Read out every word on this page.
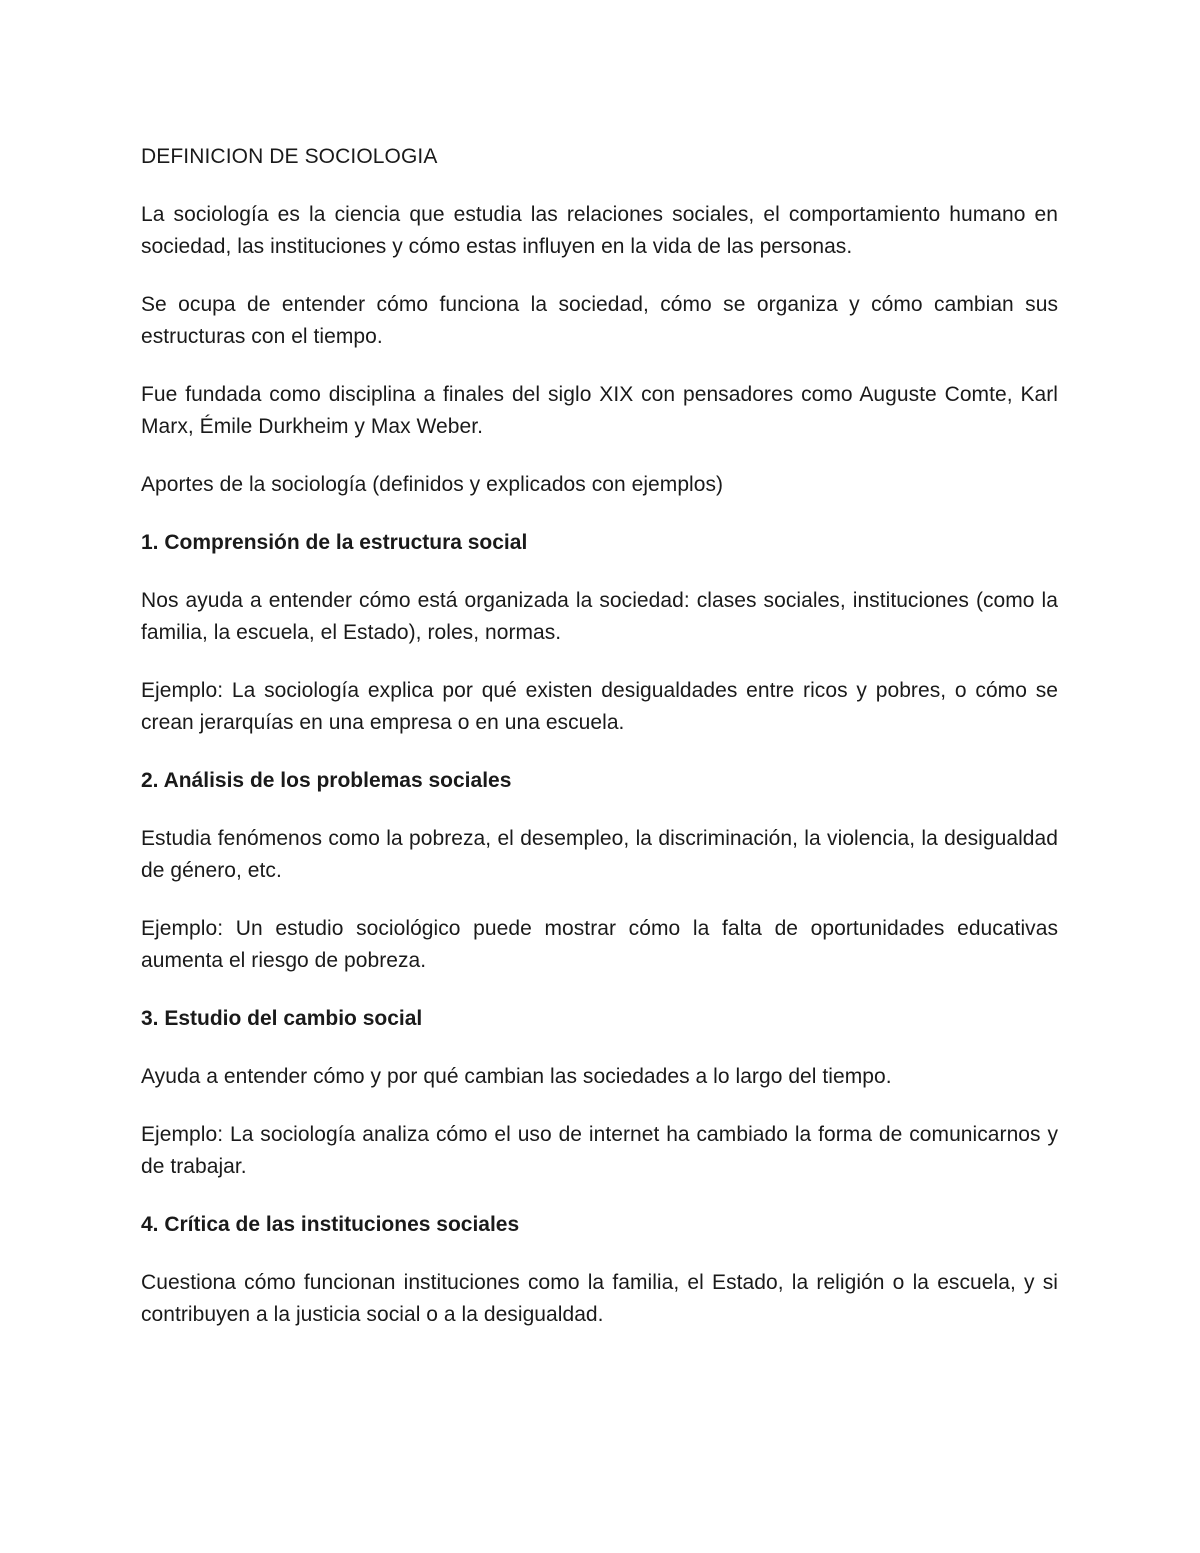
DEFINICION DE SOCIOLOGIA

La sociología es la ciencia que estudia las relaciones sociales, el comportamiento humano en sociedad, las instituciones y cómo estas influyen en la vida de las personas.

Se ocupa de entender cómo funciona la sociedad, cómo se organiza y cómo cambian sus estructuras con el tiempo.

Fue fundada como disciplina a finales del siglo XIX con pensadores como Auguste Comte, Karl Marx, Émile Durkheim y Max Weber.

Aportes de la sociología (definidos y explicados con ejemplos)

1. Comprensión de la estructura social

Nos ayuda a entender cómo está organizada la sociedad: clases sociales, instituciones (como la familia, la escuela, el Estado), roles, normas.

Ejemplo: La sociología explica por qué existen desigualdades entre ricos y pobres, o cómo se crean jerarquías en una empresa o en una escuela.

2. Análisis de los problemas sociales

Estudia fenómenos como la pobreza, el desempleo, la discriminación, la violencia, la desigualdad de género, etc.

Ejemplo: Un estudio sociológico puede mostrar cómo la falta de oportunidades educativas aumenta el riesgo de pobreza.

3. Estudio del cambio social

Ayuda a entender cómo y por qué cambian las sociedades a lo largo del tiempo.

Ejemplo: La sociología analiza cómo el uso de internet ha cambiado la forma de comunicarnos y de trabajar.

4. Crítica de las instituciones sociales

Cuestiona cómo funcionan instituciones como la familia, el Estado, la religión o la escuela, y si contribuyen a la justicia social o a la desigualdad.
